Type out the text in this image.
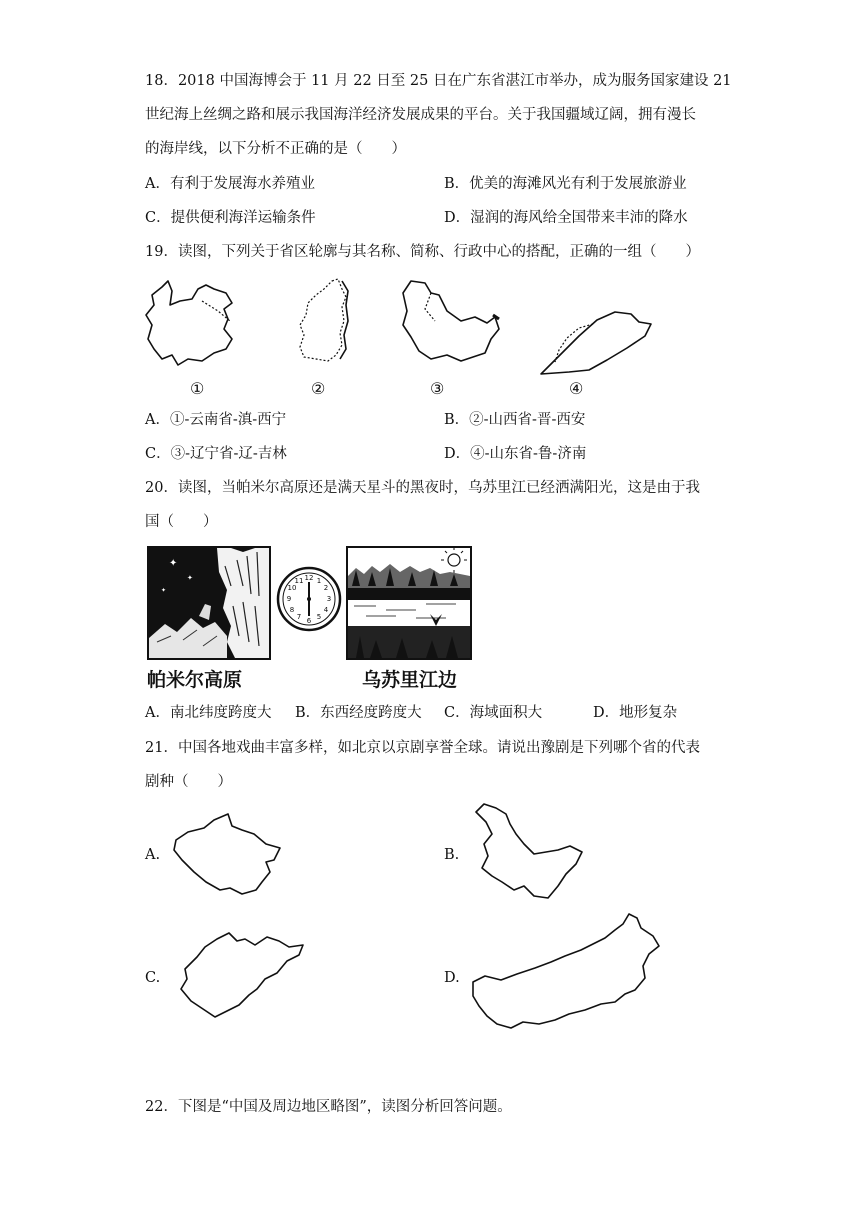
18．2018 中国海博会于 11 月 22 日至 25 日在广东省湛江市举办，成为服务国家建设 21
世纪海上丝绸之路和展示我国海洋经济发展成果的平台。关于我国疆域辽阔，拥有漫长
的海岸线，以下分析不正确的是（　　）
A．有利于发展海水养殖业	B．优美的海滩风光有利于发展旅游业
C．提供便利海洋运输条件	D．湿润的海风给全国带来丰沛的降水
19．读图，下列关于省区轮廓与其名称、简称、行政中心的搭配，正确的一组（　　）
①	②	③	④
A．①-云南省-滇-西宁	B．②-山西省-晋-西安
C．③-辽宁省-辽-吉林	D．④-山东省-鲁-济南
20．读图，当帕米尔高原还是满天星斗的黑夜时，乌苏里江已经洒满阳光，这是由于我
国（　　）
✦
✦
✦
12 1
2
3
4
5
6
7
8
9
10
11
帕米尔高原	乌苏里江边
A．南北纬度跨度大 B．东西经度跨度大 C．海域面积大	D．地形复杂
21．中国各地戏曲丰富多样，如北京以京剧享誉全球。请说出豫剧是下列哪个省的代表
剧种（　　）
A.	B.
C.	D.
22．下图是“中国及周边地区略图”，读图分析回答问题。
